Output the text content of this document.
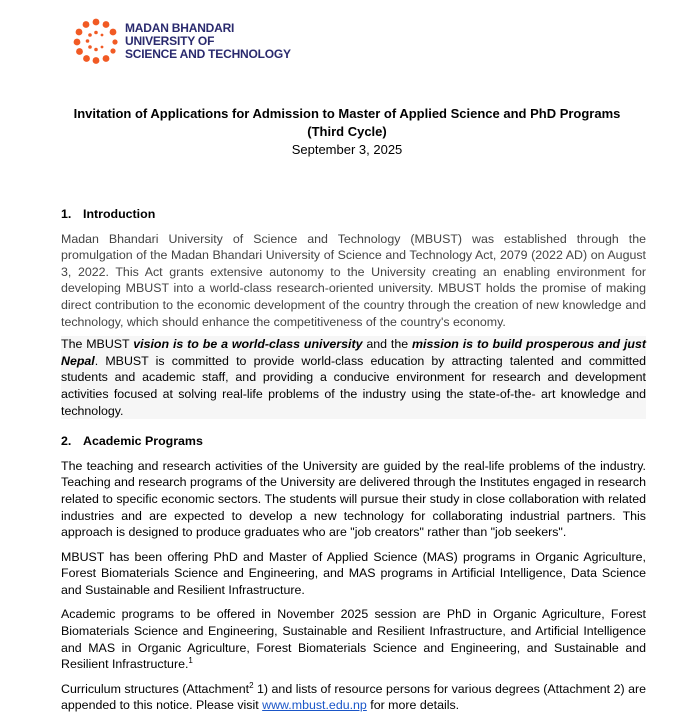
MADAN BHANDARI
UNIVERSITY OF
SCIENCE AND TECHNOLOGY
Invitation of Applications for Admission to Master of Applied Science and PhD Programs
(Third Cycle)
September 3, 2025
1. Introduction

Madan Bhandari University of Science and Technology (MBUST) was established through the promulgation of the Madan Bhandari University of Science and Technology Act, 2079 (2022 AD) on August 3, 2022. This Act grants extensive autonomy to the University creating an enabling environment for developing MBUST into a world-class research-oriented university. MBUST holds the promise of making direct contribution to the economic development of the country through the creation of new knowledge and technology, which should enhance the competitiveness of the country's economy.

The MBUST vision is to be a world-class university and the mission is to build prosperous and just Nepal. MBUST is committed to provide world-class education by attracting talented and committed students and academic staff, and providing a conducive environment for research and development activities focused at solving real-life problems of the industry using the state-of-the- art knowledge and technology.

2. Academic Programs

The teaching and research activities of the University are guided by the real-life problems of the industry. Teaching and research programs of the University are delivered through the Institutes engaged in research related to specific economic sectors. The students will pursue their study in close collaboration with related industries and are expected to develop a new technology for collaborating industrial partners. This approach is designed to produce graduates who are "job creators" rather than "job seekers".

MBUST has been offering PhD and Master of Applied Science (MAS) programs in Organic Agriculture, Forest Biomaterials Science and Engineering, and MAS programs in Artificial Intelligence, Data Science and Sustainable and Resilient Infrastructure.

Academic programs to be offered in November 2025 session are PhD in Organic Agriculture, Forest Biomaterials Science and Engineering, Sustainable and Resilient Infrastructure, and Artificial Intelligence and MAS in Organic Agriculture, Forest Biomaterials Science and Engineering, and Sustainable and Resilient Infrastructure.$^1$

Curriculum structures (Attachment$^2$ 1) and lists of resource persons for various degrees (Attachment 2) are appended to this notice. Please visit www.mbust.edu.np for more details.
